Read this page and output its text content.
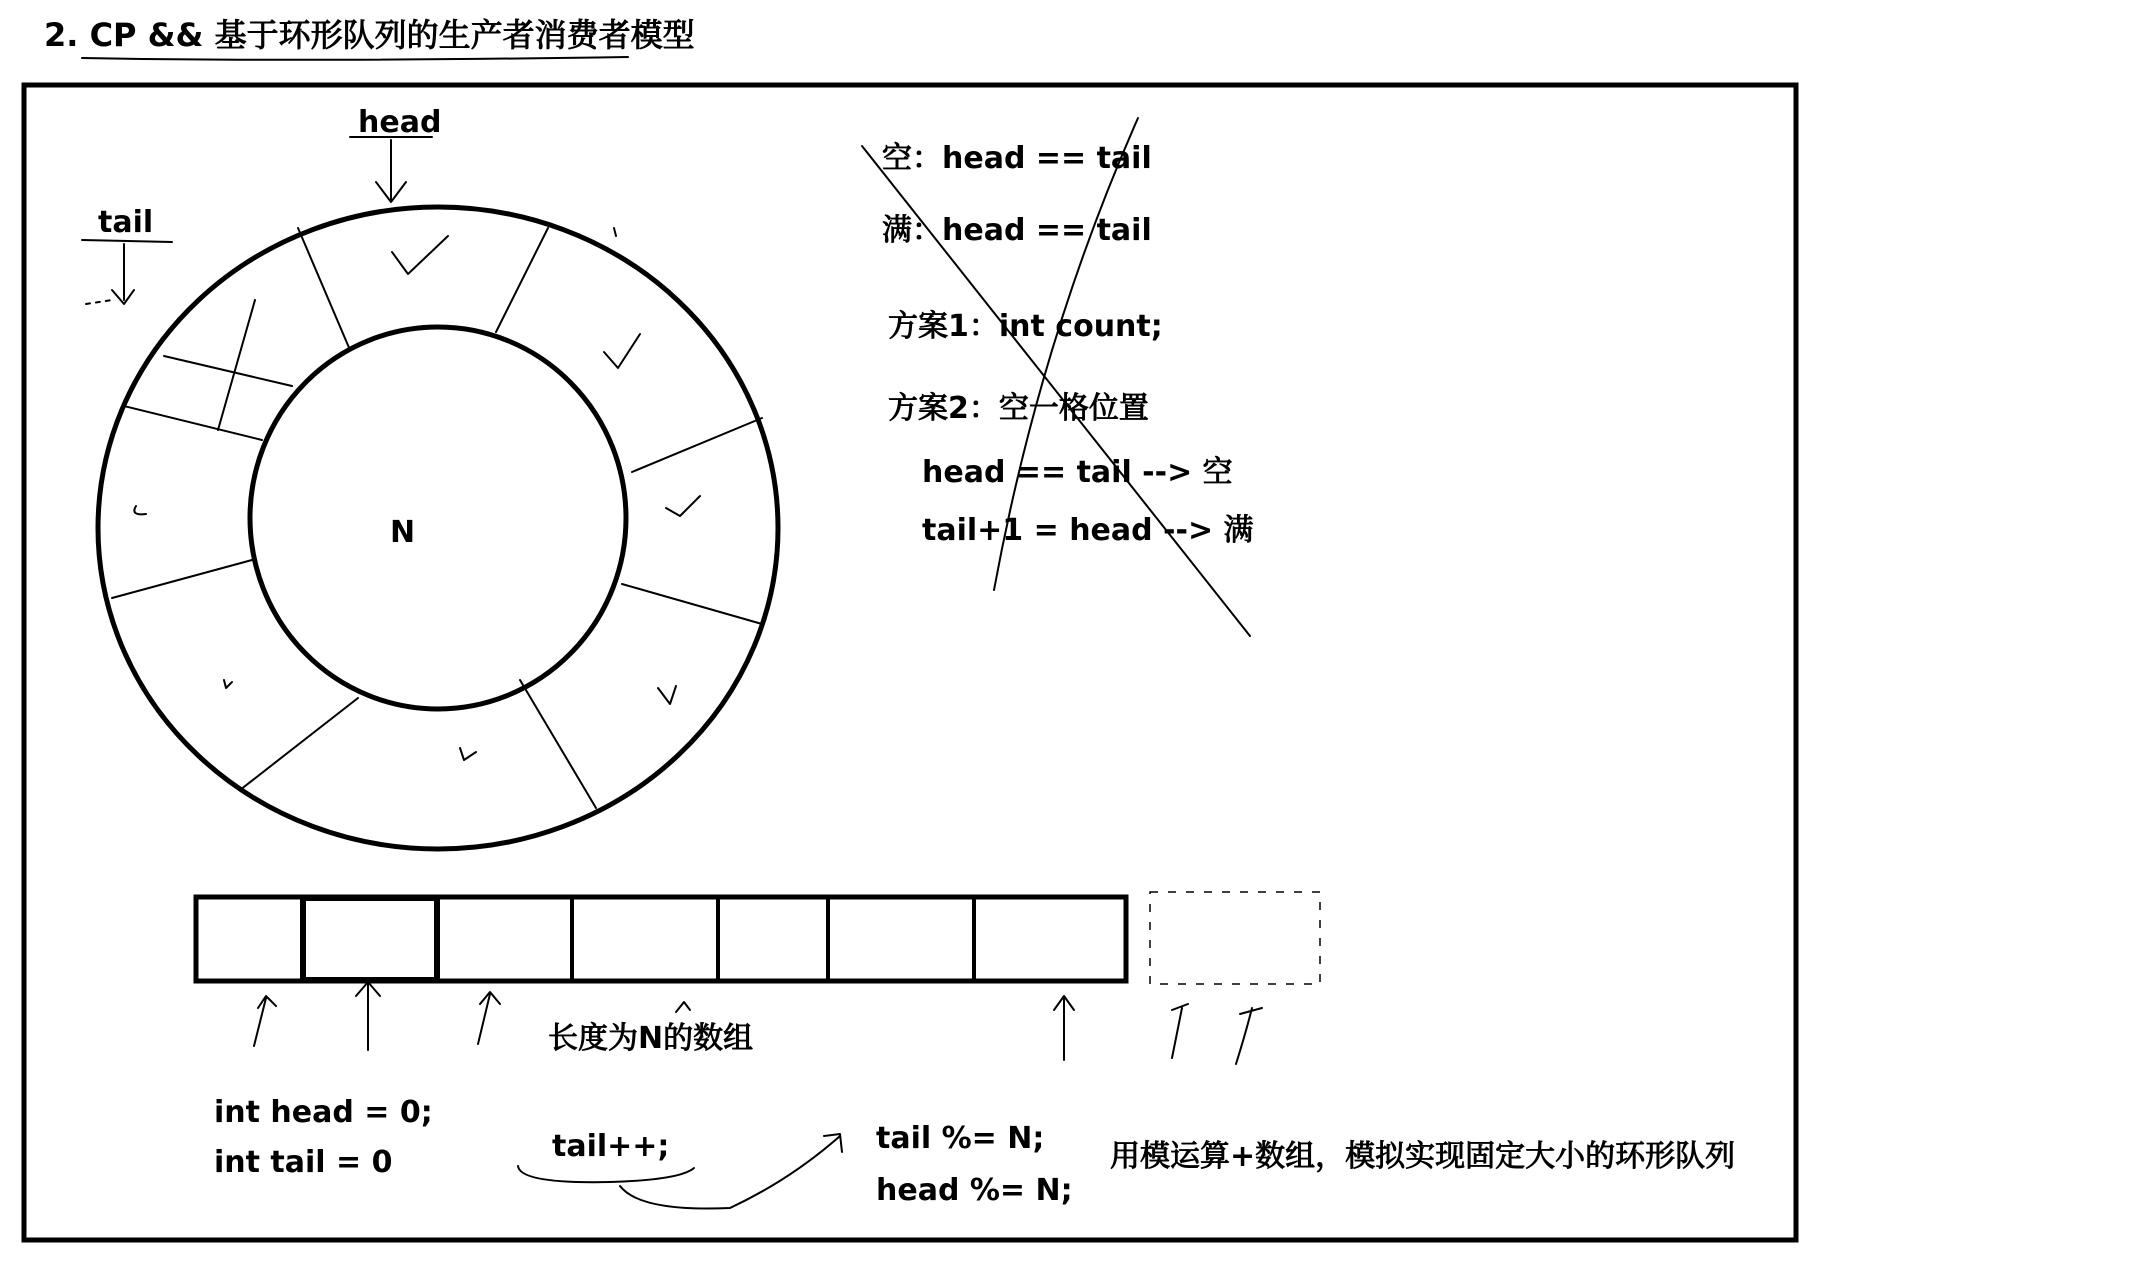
2. CP && 基于环形队列的生产者消费者模型
N
head
tail
空：head == tail
满：head == tail
方案1：int count;
方案2：空一格位置
head == tail --> 空
tail+1 = head --> 满
长度为N的数组
int head = 0;
int tail = 0	tail++;	tail %= N;
head %= N;
用模运算+数组，模拟实现固定大小的环形队列
